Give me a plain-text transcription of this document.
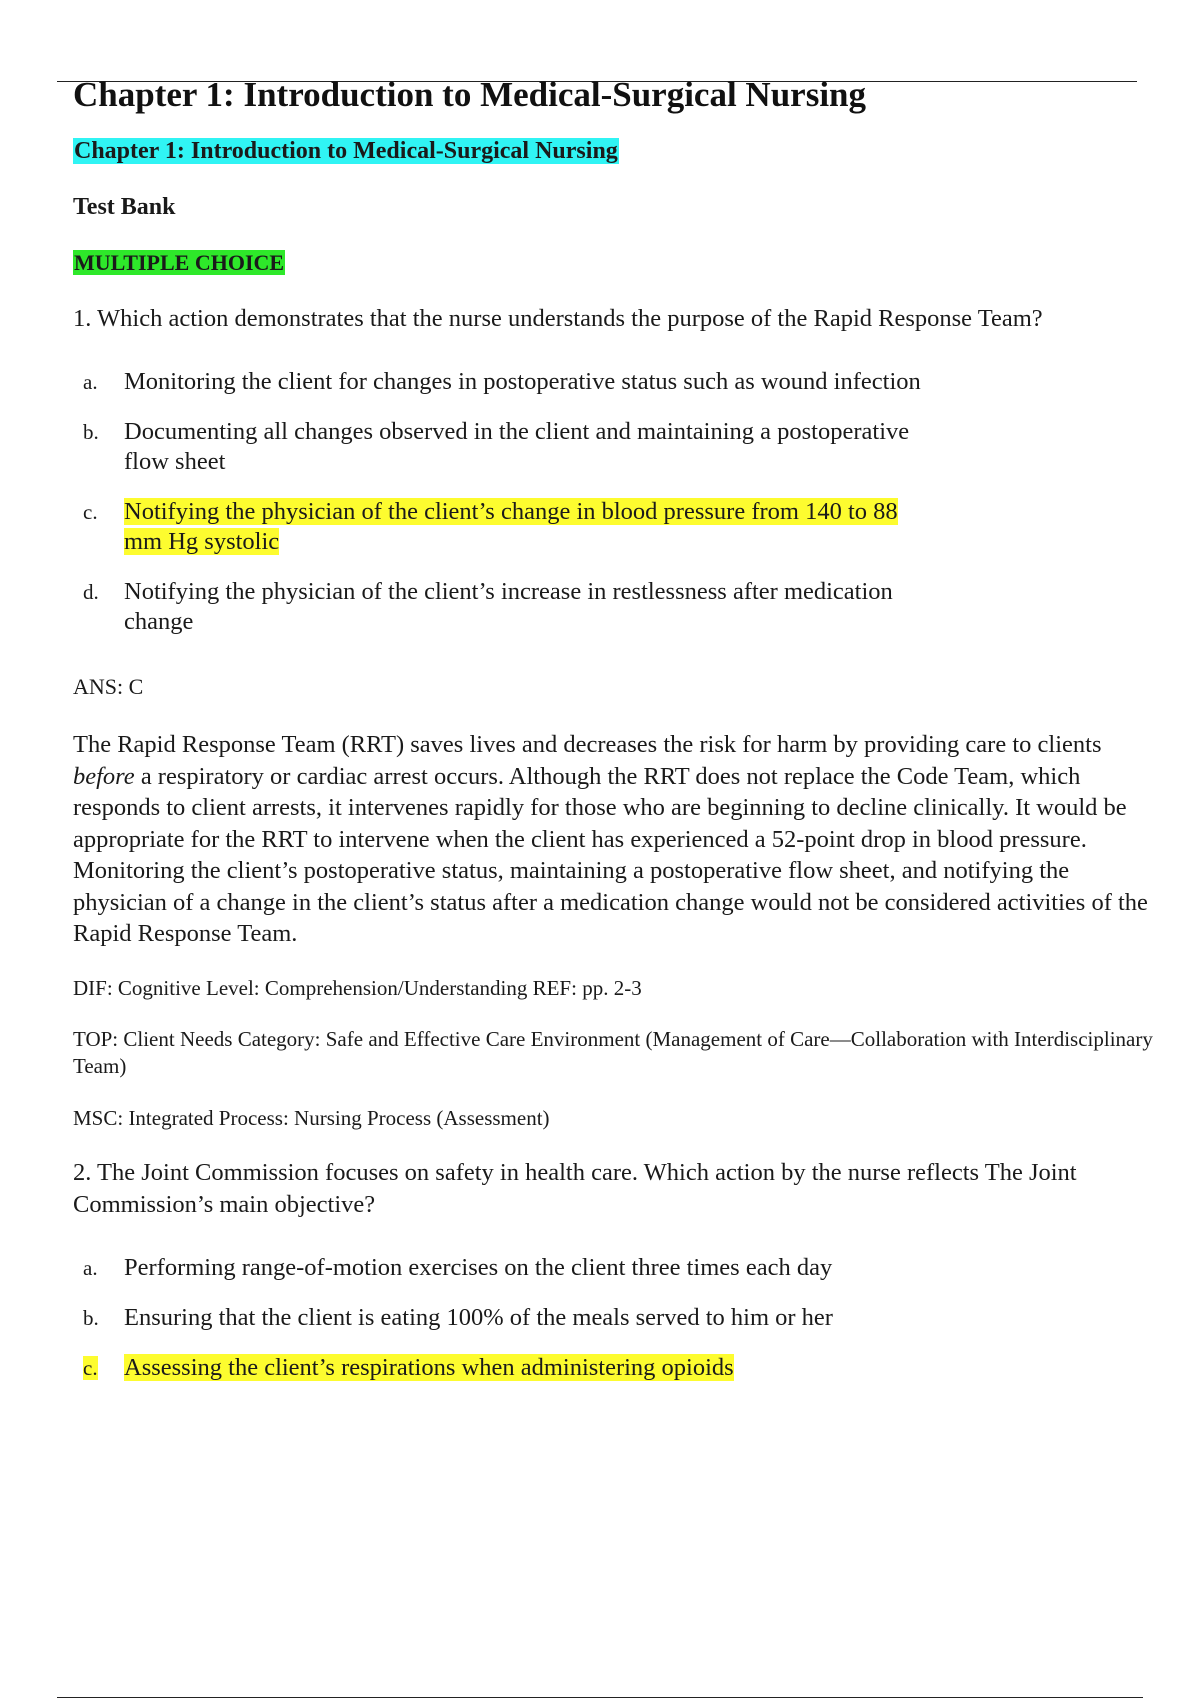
Chapter 1: Introduction to Medical-Surgical Nursing
Chapter 1: Introduction to Medical-Surgical Nursing
Test Bank
MULTIPLE CHOICE
1. Which action demonstrates that the nurse understands the purpose of the Rapid Response Team?
a.	Monitoring the client for changes in postoperative status such as wound infection
b.	Documenting all changes observed in the client and maintaining a postoperative flow sheet
c.	Notifying the physician of the client’s change in blood pressure from 140 to 88 mm Hg systolic
d.	Notifying the physician of the client’s increase in restlessness after medication change
ANS: C
The Rapid Response Team (RRT) saves lives and decreases the risk for harm by providing care to clients before a respiratory or cardiac arrest occurs. Although the RRT does not replace the Code Team, which responds to client arrests, it intervenes rapidly for those who are beginning to decline clinically. It would be appropriate for the RRT to intervene when the client has experienced a 52-point drop in blood pressure. Monitoring the client’s postoperative status, maintaining a postoperative flow sheet, and notifying the physician of a change in the client’s status after a medication change would not be considered activities of the Rapid Response Team.
DIF: Cognitive Level: Comprehension/Understanding REF: pp. 2-3
TOP: Client Needs Category: Safe and Effective Care Environment (Management of Care—Collaboration with Interdisciplinary Team)
MSC: Integrated Process: Nursing Process (Assessment)
2. The Joint Commission focuses on safety in health care. Which action by the nurse reflects The Joint Commission’s main objective?
a.	Performing range-of-motion exercises on the client three times each day
b.	Ensuring that the client is eating 100% of the meals served to him or her
c.	Assessing the client’s respirations when administering opioids
